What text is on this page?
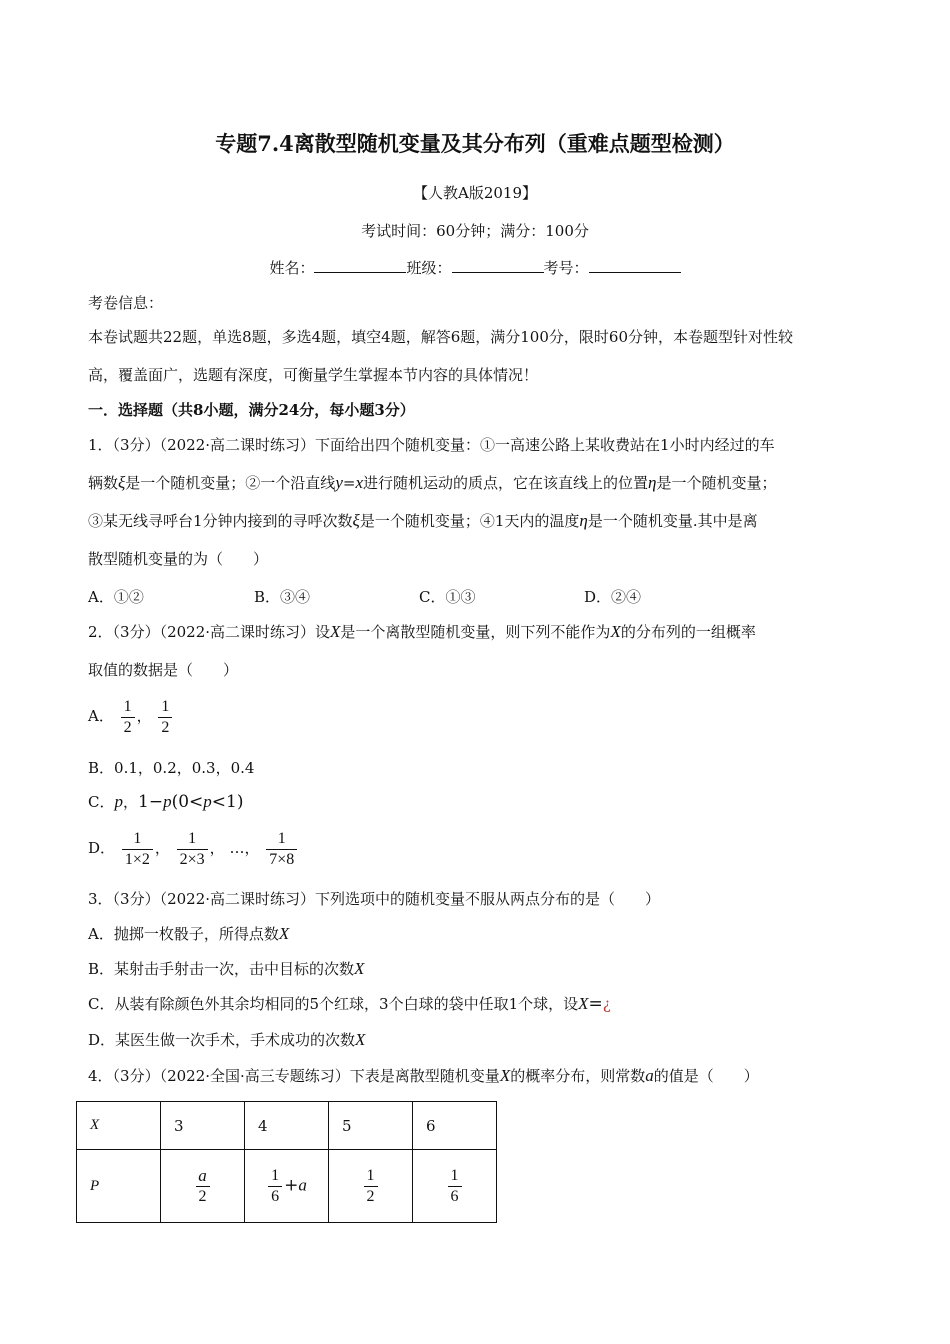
专题7.4离散型随机变量及其分布列（重难点题型检测）
【人教A版2019】
考试时间：60分钟；满分：100分
姓名：	班级：	考号：
考卷信息：
本卷试题共22题，单选8题，多选4题，填空4题，解答6题，满分100分，限时60分钟，本卷题型针对性较
高，覆盖面广，选题有深度，可衡量学生掌握本节内容的具体情况！
一．选择题（共8小题，满分24分，每小题3分）
1．（3分）（2022·高二课时练习）下面给出四个随机变量：①一高速公路上某收费站在1小时内经过的车
辆数ξ是一个随机变量；②一个沿直线y=x进行随机运动的质点，它在该直线上的位置η是一个随机变量；
③某无线寻呼台1分钟内接到的寻呼次数ξ是一个随机变量；④1天内的温度η是一个随机变量.其中是离
散型随机变量的为（　　）
A．①②	B．③④	C．①③	D．②④
2．（3分）（2022·高二课时练习）设X是一个离散型随机变量，则下列不能作为X的分布列的一组概率
取值的数据是（　　）
A． $\frac{1}{2}$ ， $\frac{1}{2}$
B．0.1，0.2，0.3，0.4
C．p，1−p(0<p<1)
D． $\frac{1}{1\times 2}$ ， $\frac{1}{2\times 3}$ ， …， $\frac{1}{7\times 8}$
3．（3分）（2022·高二课时练习）下列选项中的随机变量不服从两点分布的是（　　）
A．抛掷一枚骰子，所得点数X
B．某射击手射击一次，击中目标的次数X
C．从装有除颜色外其余均相同的5个红球，3个白球的袋中任取1个球，设X=¿
D．某医生做一次手术，手术成功的次数X
4．（3分）（2022·全国·高三专题练习）下表是离散型随机变量X的概率分布，则常数a的值是（　　）
X	3	4	5	6
P	$\frac{a}{2}$	$\frac{1}{6} +a$	$\frac{1}{2}$	$\frac{1}{6}$
